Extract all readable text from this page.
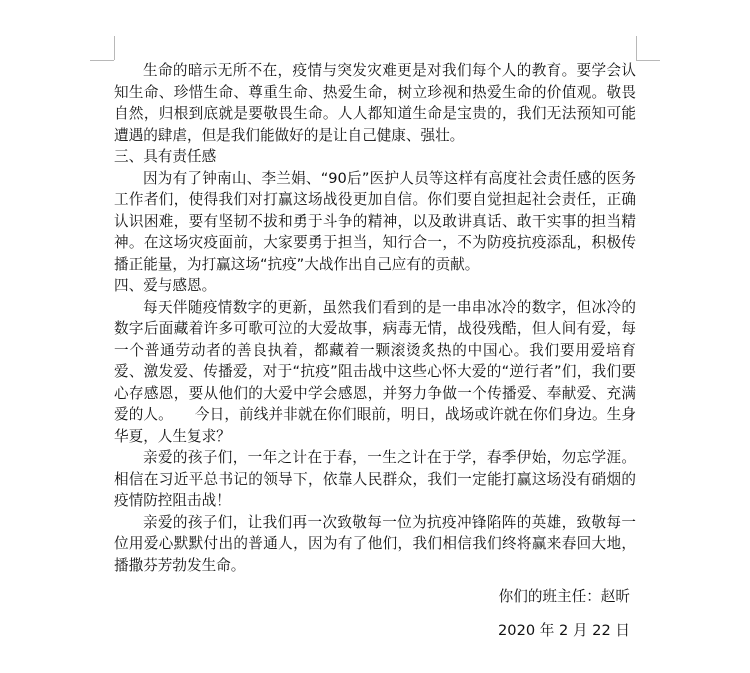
生命的暗示无所不在，疫情与突发灾难更是对我们每个人的教育。要学会认知生命、珍惜生命、尊重生命、热爱生命，树立珍视和热爱生命的价值观。敬畏自然，归根到底就是要敬畏生命。人人都知道生命是宝贵的，我们无法预知可能遭遇的肆虐，但是我们能做好的是让自己健康、强壮。

三、具有责任感

因为有了钟南山、李兰娟、“90后”医护人员等这样有高度社会责任感的医务工作者们，使得我们对打赢这场战役更加自信。你们要自觉担起社会责任，正确认识困难，要有坚韧不拔和勇于斗争的精神，以及敢讲真话、敢干实事的担当精神。在这场灾疫面前，大家要勇于担当，知行合一，不为防疫抗疫添乱，积极传播正能量，为打赢这场“抗疫”大战作出自己应有的贡献。

四、爱与感恩。

每天伴随疫情数字的更新，虽然我们看到的是一串串冰冷的数字，但冰冷的数字后面藏着许多可歌可泣的大爱故事，病毒无情，战役残酷，但人间有爱，每一个普通劳动者的善良执着，都藏着一颗滚烫炙热的中国心。我们要用爱培育爱、激发爱、传播爱，对于“抗疫”阻击战中这些心怀大爱的“逆行者”们，我们要心存感恩，要从他们的大爱中学会感恩，并努力争做一个传播爱、奉献爱、充满爱的人。　　今日，前线并非就在你们眼前，明日，战场或许就在你们身边。生身华夏，人生复求？

亲爱的孩子们，一年之计在于春，一生之计在于学，春季伊始，勿忘学涯。相信在习近平总书记的领导下，依靠人民群众，我们一定能打赢这场没有硝烟的疫情防控阻击战！

亲爱的孩子们，让我们再一次致敬每一位为抗疫冲锋陷阵的英雄，致敬每一位用爱心默默付出的普通人，因为有了他们，我们相信我们终将赢来春回大地，播撒芬芳勃发生命。

你们的班主任：赵昕

2020 年 2 月 22 日
